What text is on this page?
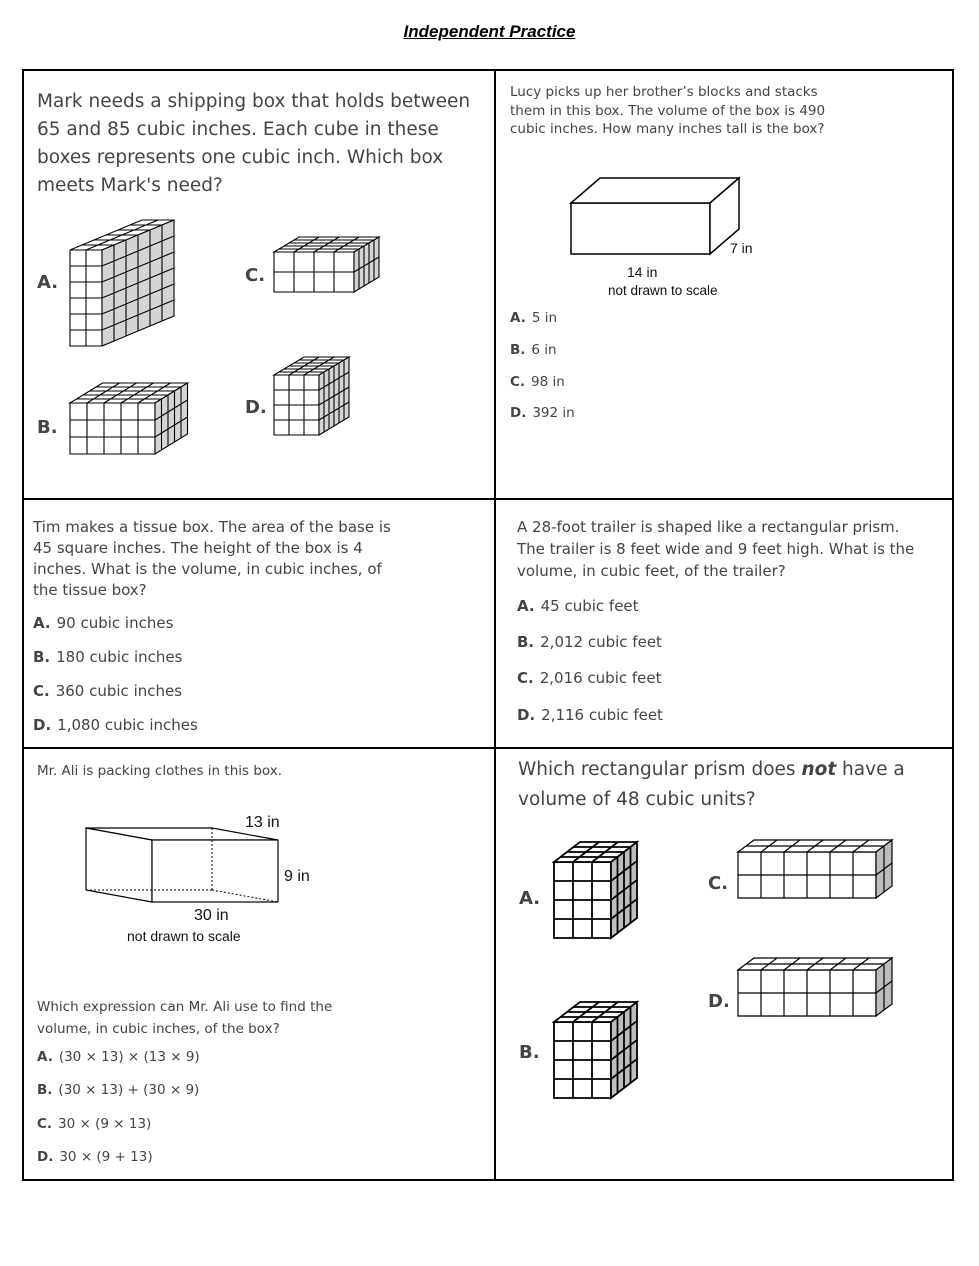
Independent Practice
Mark needs a shipping box that holds between 65 and 85 cubic inches. Each cube in these boxes represents one cubic inch. Which box meets Mark's need?
A.
B.
C.
D.
Lucy picks up her brother’s blocks and stacks them in this box. The volume of the box is 490 cubic inches. How many inches tall is the box?
7 in
14 in
not drawn to scale
A. 5 in
B. 6 in
C. 98 in
D. 392 in
Tim makes a tissue box. The area of the base is 45 square inches. The height of the box is 4 inches. What is the volume, in cubic inches, of the tissue box?
A. 90 cubic inches
B. 180 cubic inches
C. 360 cubic inches
D. 1,080 cubic inches
A 28-foot trailer is shaped like a rectangular prism. The trailer is 8 feet wide and 9 feet high. What is the volume, in cubic feet, of the trailer?
A. 45 cubic feet
B. 2,012 cubic feet
C. 2,016 cubic feet
D. 2,116 cubic feet
Mr. Ali is packing clothes in this box.
13 in
9 in
30 in
not drawn to scale
Which expression can Mr. Ali use to find the volume, in cubic inches, of the box?
A. (30 × 13) × (13 × 9)
B. (30 × 13) + (30 × 9)
C. 30 × (9 × 13)
D. 30 × (9 + 13)
Which rectangular prism does not have a volume of 48 cubic units?
A.
B.
C.
D.
